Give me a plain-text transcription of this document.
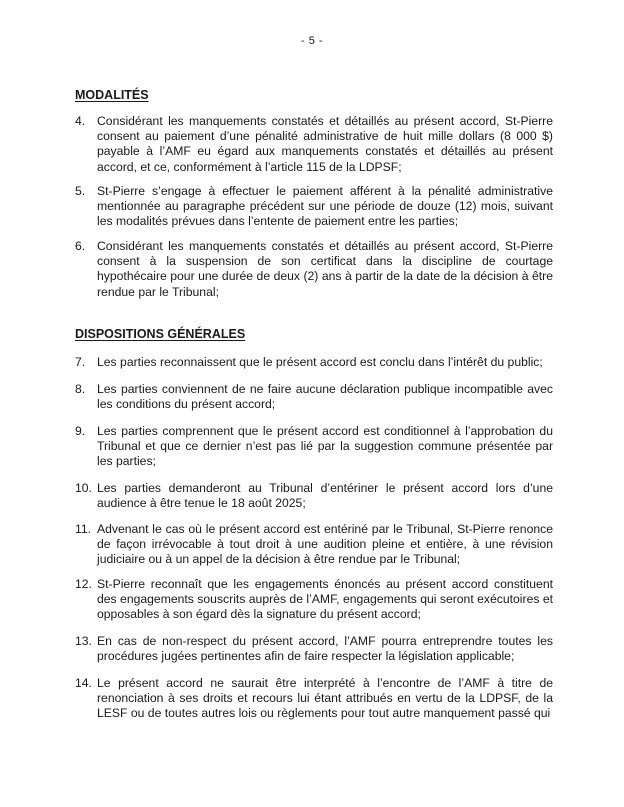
- 5 -
MODALITÉS
4. Considérant les manquements constatés et détaillés au présent accord, St-Pierre consent au paiement d’une pénalité administrative de huit mille dollars (8 000 $) payable à l’AMF eu égard aux manquements constatés et détaillés au présent accord, et ce, conformément à l’article 115 de la LDPSF;
5. St-Pierre s’engage à effectuer le paiement afférent à la pénalité administrative mentionnée au paragraphe précédent sur une période de douze (12) mois, suivant les modalités prévues dans l’entente de paiement entre les parties;
6. Considérant les manquements constatés et détaillés au présent accord, St-Pierre consent à la suspension de son certificat dans la discipline de courtage hypothécaire pour une durée de deux (2) ans à partir de la date de la décision à être rendue par le Tribunal;
DISPOSITIONS GÉNÉRALES
7. Les parties reconnaissent que le présent accord est conclu dans l’intérêt du public;
8. Les parties conviennent de ne faire aucune déclaration publique incompatible avec les conditions du présent accord;
9. Les parties comprennent que le présent accord est conditionnel à l’approbation du Tribunal et que ce dernier n’est pas lié par la suggestion commune présentée par les parties;
10. Les parties demanderont au Tribunal d’entériner le présent accord lors d’une audience à être tenue le 18 août 2025;
11. Advenant le cas où le présent accord est entériné par le Tribunal, St-Pierre renonce de façon irrévocable à tout droit à une audition pleine et entière, à une révision judiciaire ou à un appel de la décision à être rendue par le Tribunal;
12. St-Pierre reconnaît que les engagements énoncés au présent accord constituent des engagements souscrits auprès de l’AMF, engagements qui seront exécutoires et opposables à son égard dès la signature du présent accord;
13. En cas de non-respect du présent accord, l’AMF pourra entreprendre toutes les procédures jugées pertinentes afin de faire respecter la législation applicable;
14. Le présent accord ne saurait être interprété à l’encontre de l’AMF à titre de renonciation à ses droits et recours lui étant attribués en vertu de la LDPSF, de la LESF ou de toutes autres lois ou règlements pour tout autre manquement passé qui
